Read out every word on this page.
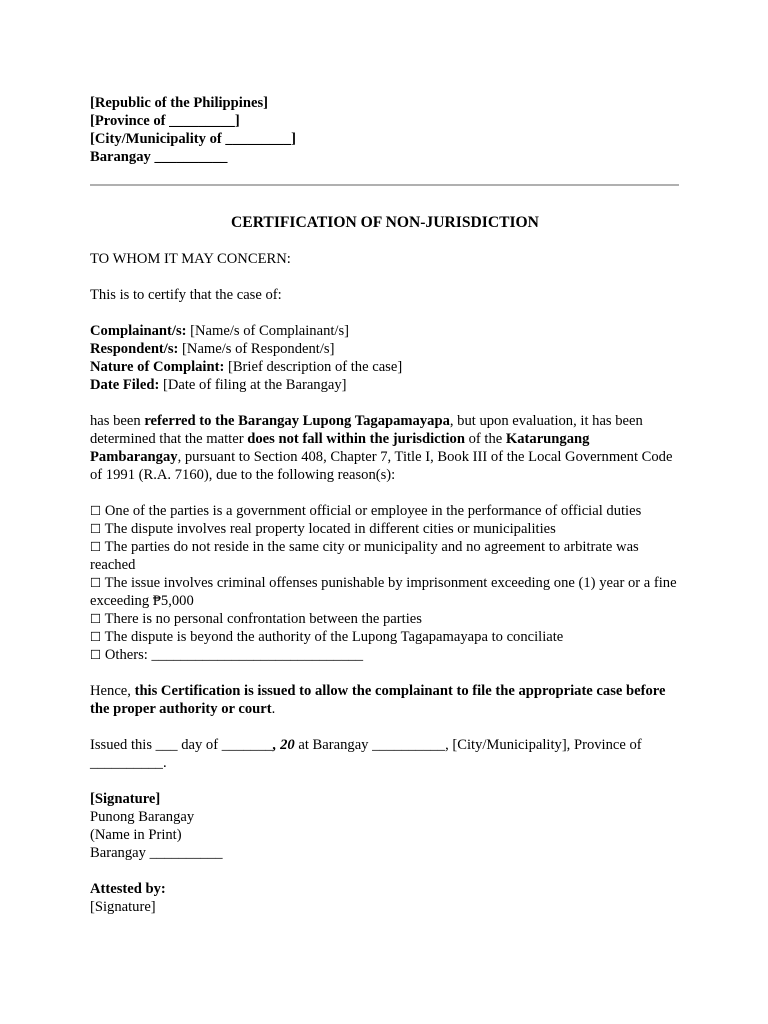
[Republic of the Philippines]
[Province of _________]
[City/Municipality of _________]
Barangay __________
CERTIFICATION OF NON-JURISDICTION
TO WHOM IT MAY CONCERN:
This is to certify that the case of:
Complainant/s: [Name/s of Complainant/s]
Respondent/s: [Name/s of Respondent/s]
Nature of Complaint: [Brief description of the case]
Date Filed: [Date of filing at the Barangay]
has been referred to the Barangay Lupong Tagapamayapa, but upon evaluation, it has been determined that the matter does not fall within the jurisdiction of the Katarungang Pambarangay, pursuant to Section 408, Chapter 7, Title I, Book III of the Local Government Code of 1991 (R.A. 7160), due to the following reason(s):
☐ One of the parties is a government official or employee in the performance of official duties
☐ The dispute involves real property located in different cities or municipalities
☐ The parties do not reside in the same city or municipality and no agreement to arbitrate was reached
☐ The issue involves criminal offenses punishable by imprisonment exceeding one (1) year or a fine exceeding ₱5,000
☐ There is no personal confrontation between the parties
☐ The dispute is beyond the authority of the Lupong Tagapamayapa to conciliate
☐ Others: _____________________________
Hence, this Certification is issued to allow the complainant to file the appropriate case before the proper authority or court.
Issued this ___ day of _______, 20 at Barangay __________, [City/Municipality], Province of __________.
[Signature]
Punong Barangay
(Name in Print)
Barangay __________
Attested by:
[Signature]
